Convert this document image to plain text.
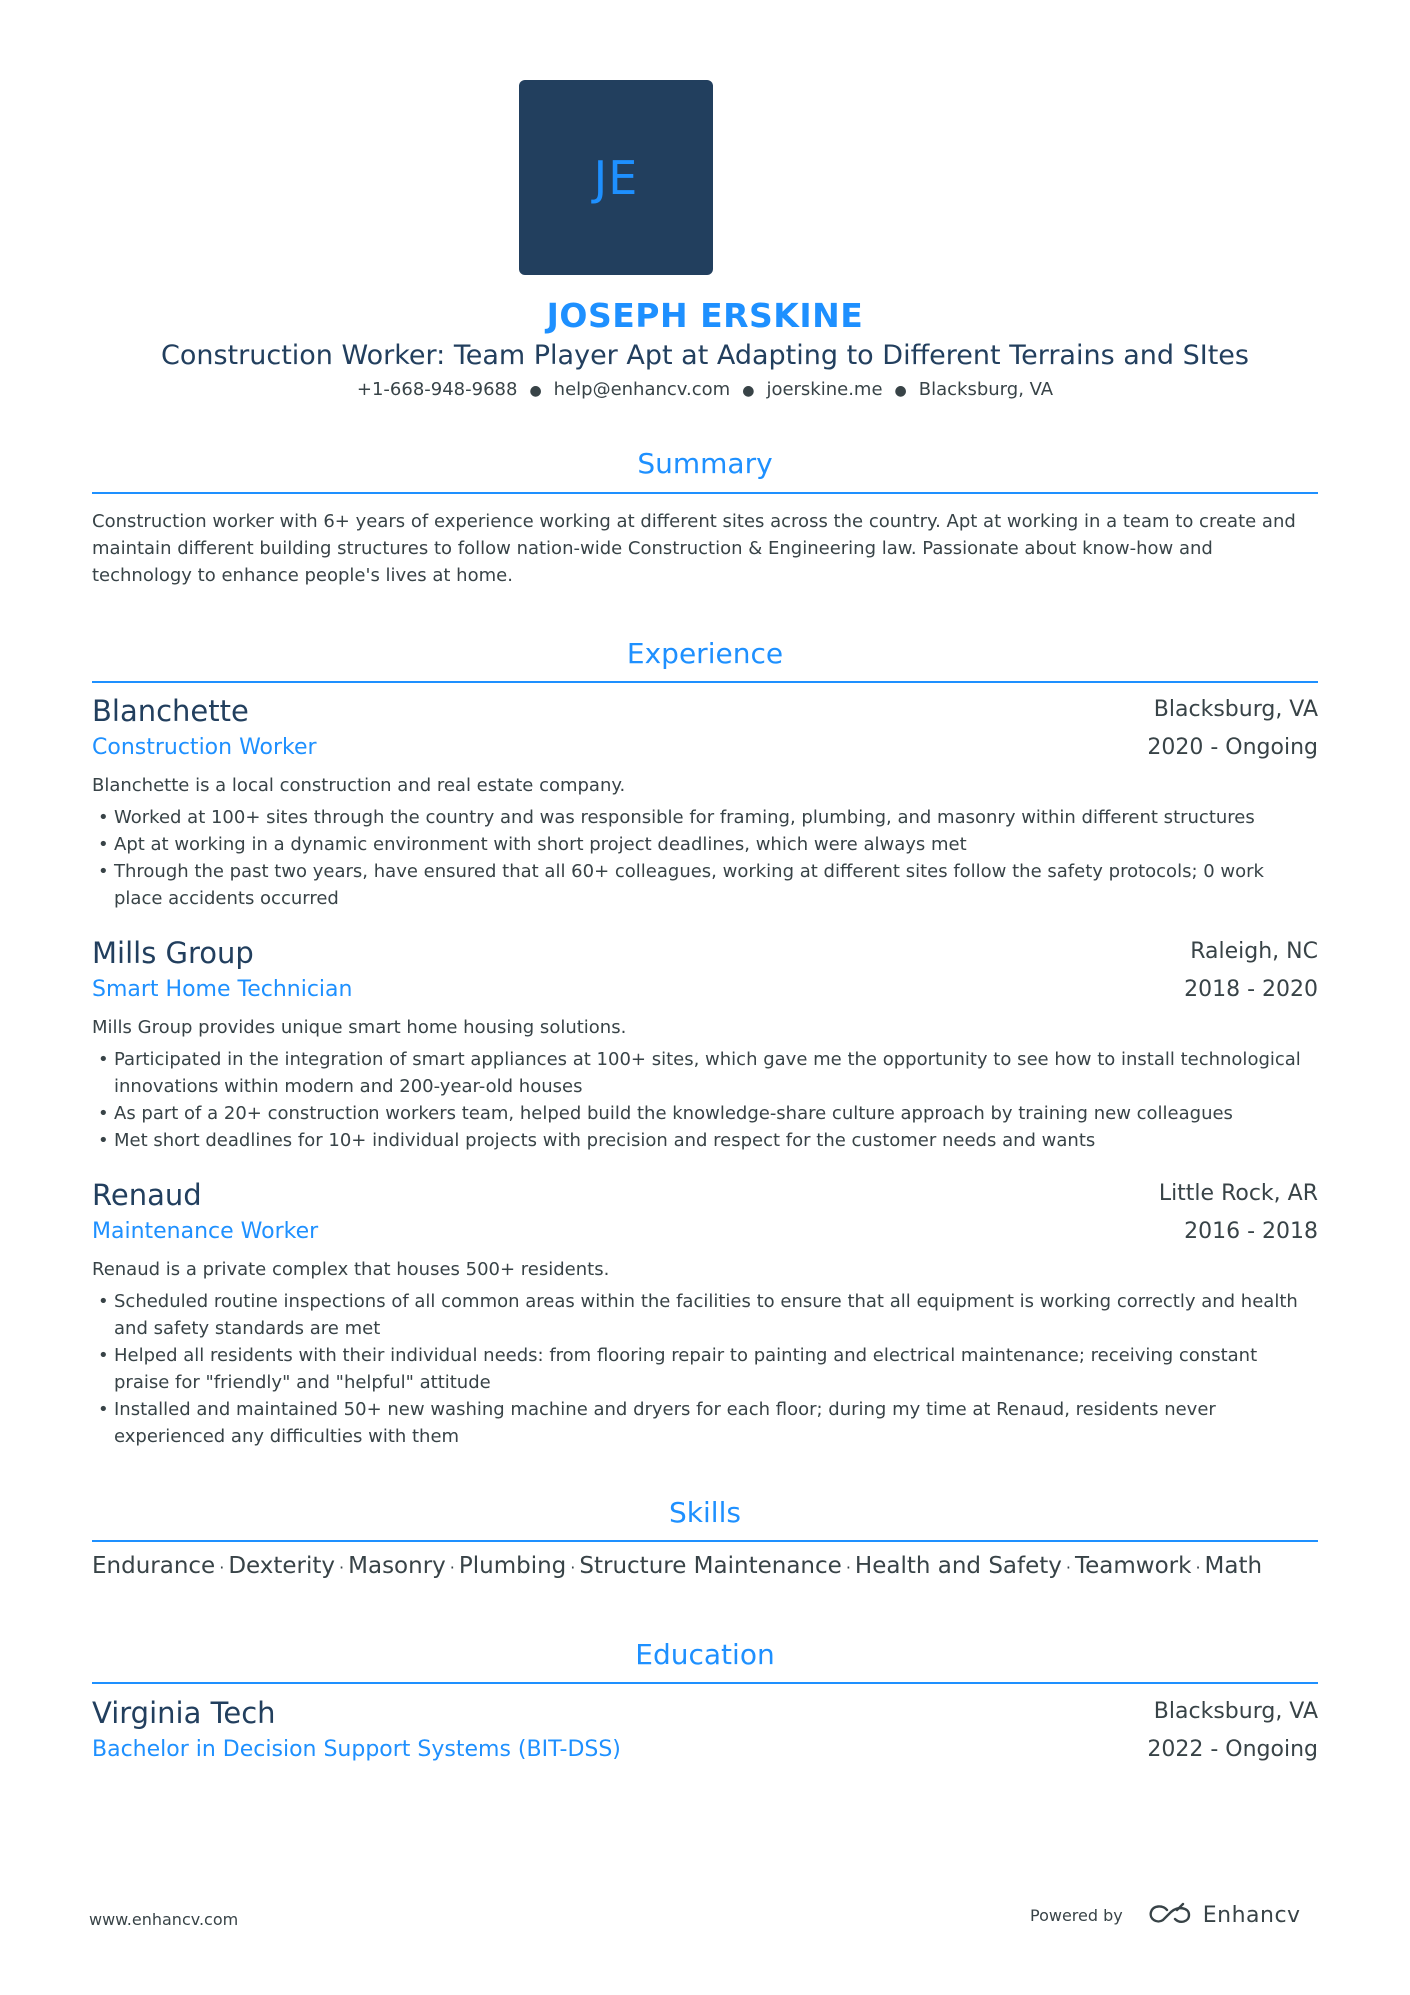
JE
JOSEPH ERSKINE
Construction Worker: Team Player Apt at Adapting to Different Terrains and SItes
+1-668-948-9688 ● help@enhancv.com ● joerskine.me ● Blacksburg, VA
Summary
Construction worker with 6+ years of experience working at different sites across the country. Apt at working in a team to create and maintain different building structures to follow nation-wide Construction & Engineering law. Passionate about know-how and technology to enhance people's lives at home.
Experience
Blanchette	Blacksburg, VA
Construction Worker	2020 - Ongoing
Blanchette is a local construction and real estate company.
• Worked at 100+ sites through the country and was responsible for framing, plumbing, and masonry within different structures
• Apt at working in a dynamic environment with short project deadlines, which were always met
• Through the past two years, have ensured that all 60+ colleagues, working at different sites follow the safety protocols; 0 work place accidents occurred
Mills Group	Raleigh, NC
Smart Home Technician	2018 - 2020
Mills Group provides unique smart home housing solutions.
• Participated in the integration of smart appliances at 100+ sites, which gave me the opportunity to see how to install technological innovations within modern and 200-year-old houses
• As part of a 20+ construction workers team, helped build the knowledge-share culture approach by training new colleagues
• Met short deadlines for 10+ individual projects with precision and respect for the customer needs and wants
Renaud	Little Rock, AR
Maintenance Worker	2016 - 2018
Renaud is a private complex that houses 500+ residents.
• Scheduled routine inspections of all common areas within the facilities to ensure that all equipment is working correctly and health and safety standards are met
• Helped all residents with their individual needs: from flooring repair to painting and electrical maintenance; receiving constant praise for "friendly" and "helpful" attitude
• Installed and maintained 50+ new washing machine and dryers for each floor; during my time at Renaud, residents never experienced any difficulties with them
Skills
Endurance · Dexterity · Masonry · Plumbing · Structure Maintenance · Health and Safety · Teamwork · Math
Education
Virginia Tech	Blacksburg, VA
Bachelor in Decision Support Systems (BIT-DSS)	2022 - Ongoing
www.enhancv.com	Powered by	Enhancv
